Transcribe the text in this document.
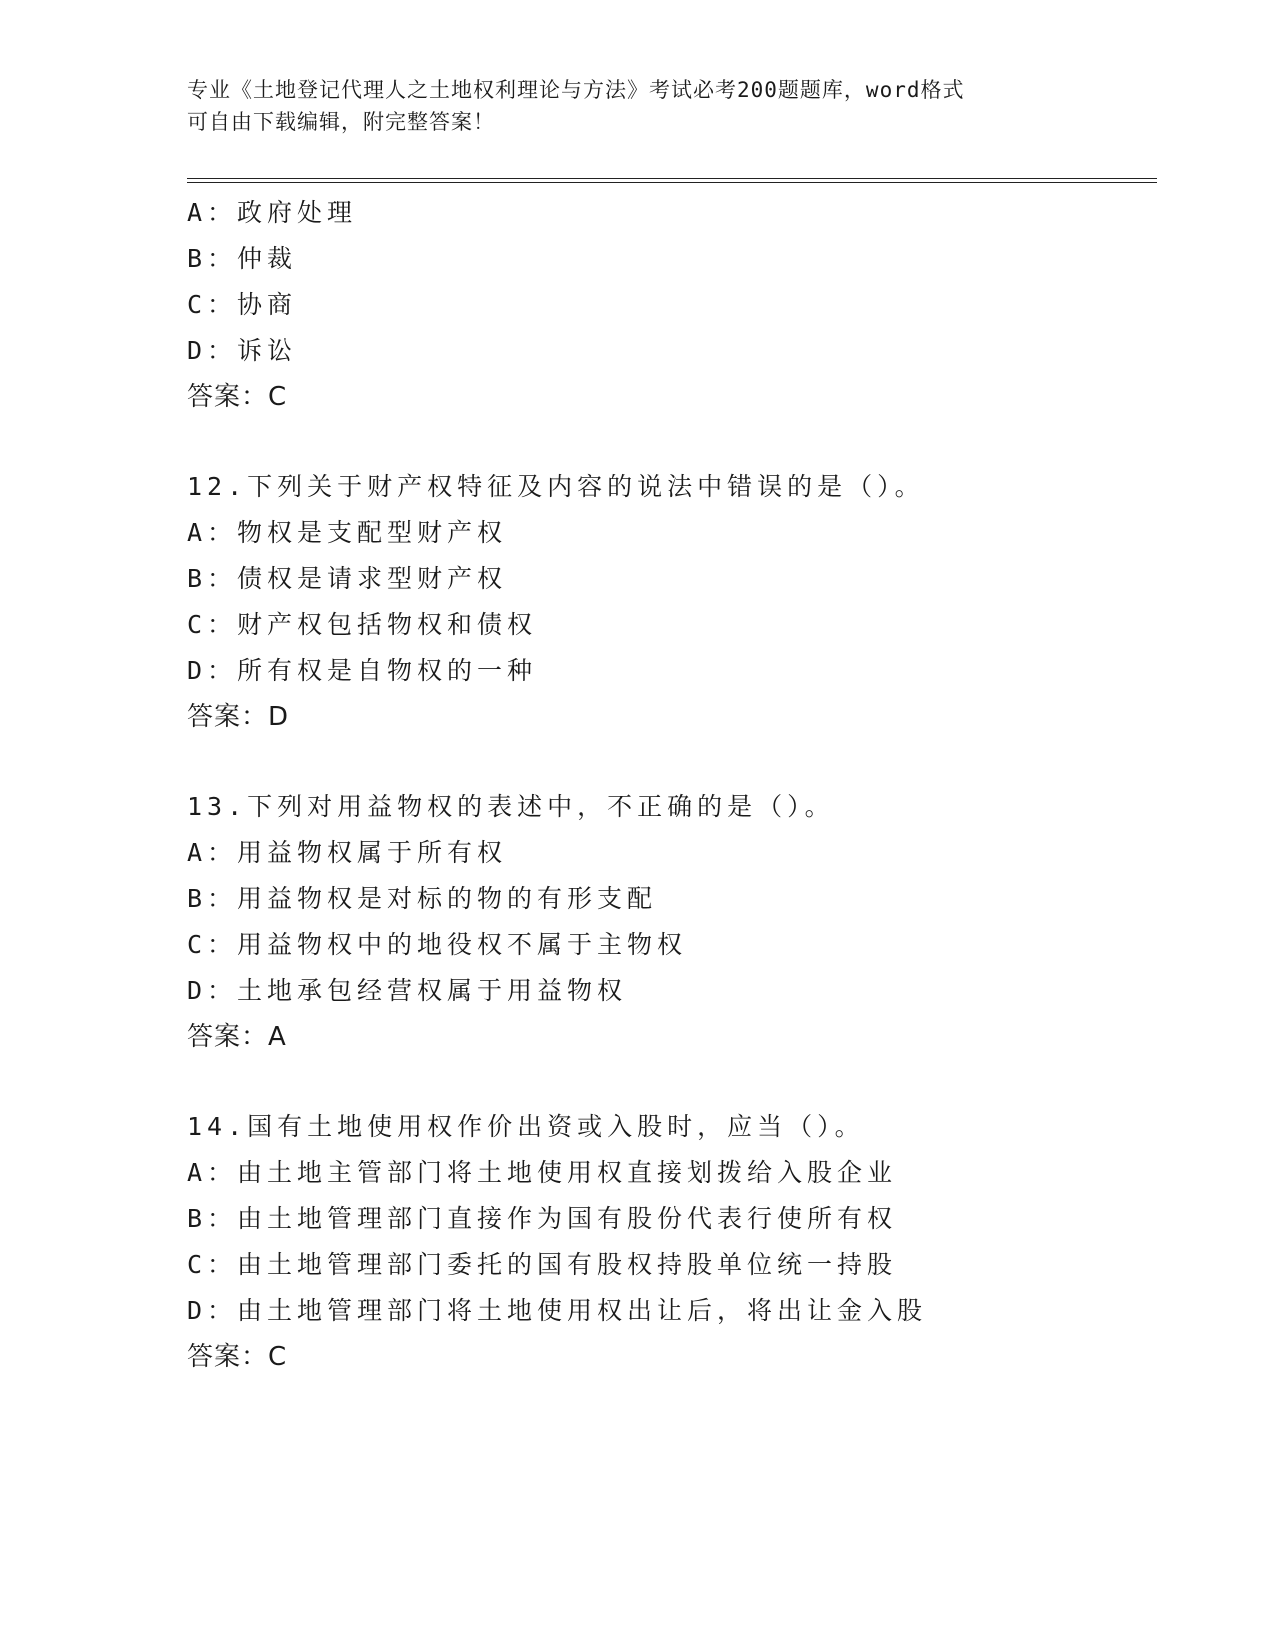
专业《土地登记代理人之土地权利理论与方法》考试必考200题题库，word格式
可自由下载编辑，附完整答案！
A：政府处理
B：仲裁
C：协商
D：诉讼
答案：C
12.下列关于财产权特征及内容的说法中错误的是（）。
A：物权是支配型财产权
B：债权是请求型财产权
C：财产权包括物权和债权
D：所有权是自物权的一种
答案：D
13.下列对用益物权的表述中，不正确的是（）。
A：用益物权属于所有权
B：用益物权是对标的物的有形支配
C：用益物权中的地役权不属于主物权
D：土地承包经营权属于用益物权
答案：A
14.国有土地使用权作价出资或入股时，应当（）。
A：由土地主管部门将土地使用权直接划拨给入股企业
B：由土地管理部门直接作为国有股份代表行使所有权
C：由土地管理部门委托的国有股权持股单位统一持股
D：由土地管理部门将土地使用权出让后，将出让金入股
答案：C
